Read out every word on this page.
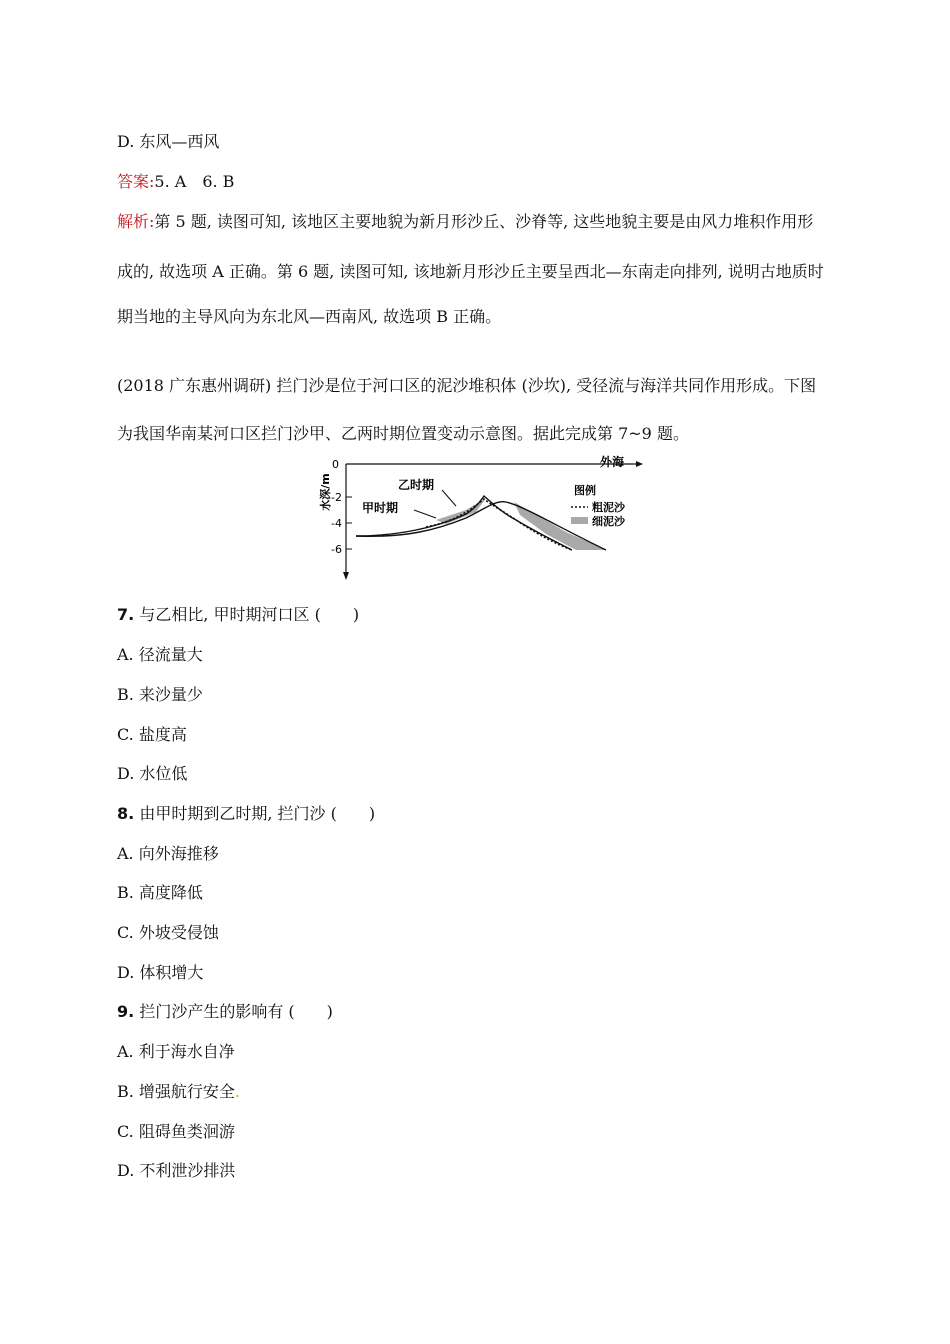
D. 东风—西风
答案:5. A　6. B
解析:第 5 题, 读图可知, 该地区主要地貌为新月形沙丘、沙脊等, 这些地貌主要是由风力堆积作用形
成的, 故选项 A 正确。第 6 题, 读图可知, 该地新月形沙丘主要呈西北—东南走向排列, 说明古地质时
期当地的主导风向为东北风—西南风, 故选项 B 正确。
(2018 广东惠州调研) 拦门沙是位于河口区的泥沙堆积体 (沙坎), 受径流与海洋共同作用形成。下图
为我国华南某河口区拦门沙甲、乙两时期位置变动示意图。据此完成第 7~9 题。
0
-2
-4
-6
外海
水深/m	乙时期
甲时期
图例
粗泥沙
细泥沙
7. 与乙相比, 甲时期河口区 (　　)
A. 径流量大
B. 来沙量少
C. 盐度高
D. 水位低
8. 由甲时期到乙时期, 拦门沙 (　　)
A. 向外海推移
B. 高度降低
C. 外坡受侵蚀
D. 体积增大
9. 拦门沙产生的影响有 (　　)
A. 利于海水自净
B. 增强航行安全.
C. 阻碍鱼类洄游
D. 不利泄沙排洪
